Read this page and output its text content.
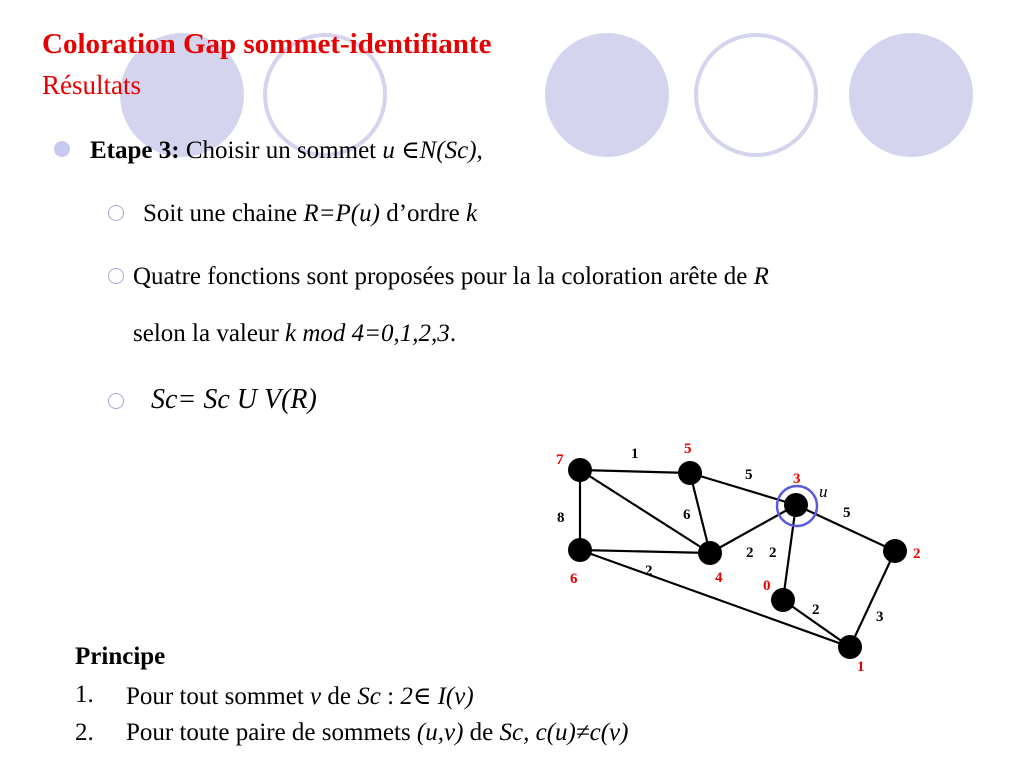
Coloration Gap sommet-identifiante
Résultats
Etape 3: Choisir un sommet u ∈N(Sc),
Soit une chaine R=P(u) d’ordre k
Quatre fonctions sont proposées pour la la coloration arête de R
selon la valeur k mod 4=0,1,2,3.
Sc= Sc U V(R)
7
5
3
6	4
2
0
1
u
1
5
5
8	6
2
2 2
2	3
Principe
1. Pour tout sommet v de Sc : 2∈ I(v)
2. Pour toute paire de sommets (u,v) de Sc, c(u)≠c(v)
